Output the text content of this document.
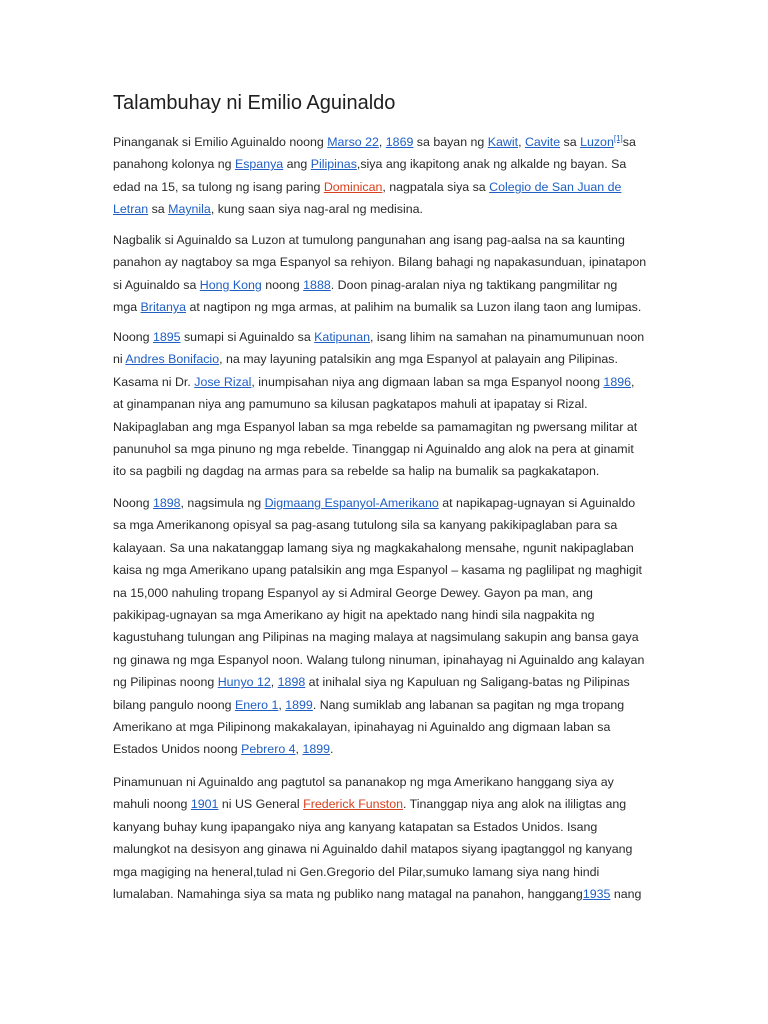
Talambuhay ni Emilio Aguinaldo
Pinanganak si Emilio Aguinaldo noong Marso 22, 1869 sa bayan ng Kawit, Cavite sa Luzon[1]sa
panahong kolonya ng Espanya ang Pilipinas,siya ang ikapitong anak ng alkalde ng bayan. Sa
edad na 15, sa tulong ng isang paring Dominican, nagpatala siya sa Colegio de San Juan de
Letran sa Maynila, kung saan siya nag-aral ng medisina.
Nagbalik si Aguinaldo sa Luzon at tumulong pangunahan ang isang pag-aalsa na sa kaunting
panahon ay nagtaboy sa mga Espanyol sa rehiyon. Bilang bahagi ng napakasunduan, ipinatapon
si Aguinaldo sa Hong Kong noong 1888. Doon pinag-aralan niya ng taktikang pangmilitar ng
mga Britanya at nagtipon ng mga armas, at palihim na bumalik sa Luzon ilang taon ang lumipas.
Noong 1895 sumapi si Aguinaldo sa Katipunan, isang lihim na samahan na pinamumunuan noon
ni Andres Bonifacio, na may layuning patalsikin ang mga Espanyol at palayain ang Pilipinas.
Kasama ni Dr. Jose Rizal, inumpisahan niya ang digmaan laban sa mga Espanyol noong 1896,
at ginampanan niya ang pamumuno sa kilusan pagkatapos mahuli at ipapatay si Rizal.
Nakipaglaban ang mga Espanyol laban sa mga rebelde sa pamamagitan ng pwersang militar at
panunuhol sa mga pinuno ng mga rebelde. Tinanggap ni Aguinaldo ang alok na pera at ginamit
ito sa pagbili ng dagdag na armas para sa rebelde sa halip na bumalik sa pagkakatapon.
Noong 1898, nagsimula ng Digmaang Espanyol-Amerikano at napikapag-ugnayan si Aguinaldo
sa mga Amerikanong opisyal sa pag-asang tutulong sila sa kanyang pakikipaglaban para sa
kalayaan. Sa una nakatanggap lamang siya ng magkakahalong mensahe, ngunit nakipaglaban
kaisa ng mga Amerikano upang patalsikin ang mga Espanyol – kasama ng paglilipat ng maghigit
na 15,000 nahuling tropang Espanyol ay si Admiral George Dewey. Gayon pa man, ang
pakikipag-ugnayan sa mga Amerikano ay higit na apektado nang hindi sila nagpakita ng
kagustuhang tulungan ang Pilipinas na maging malaya at nagsimulang sakupin ang bansa gaya
ng ginawa ng mga Espanyol noon. Walang tulong ninuman, ipinahayag ni Aguinaldo ang kalayan
ng Pilipinas noong Hunyo 12, 1898 at inihalal siya ng Kapuluan ng Saligang-batas ng Pilipinas
bilang pangulo noong Enero 1, 1899. Nang sumiklab ang labanan sa pagitan ng mga tropang
Amerikano at mga Pilipinong makakalayan, ipinahayag ni Aguinaldo ang digmaan laban sa
Estados Unidos noong Pebrero 4, 1899.
Pinamunuan ni Aguinaldo ang pagtutol sa pananakop ng mga Amerikano hanggang siya ay
mahuli noong 1901 ni US General Frederick Funston. Tinanggap niya ang alok na ililigtas ang
kanyang buhay kung ipapangako niya ang kanyang katapatan sa Estados Unidos. Isang
malungkot na desisyon ang ginawa ni Aguinaldo dahil matapos siyang ipagtanggol ng kanyang
mga magiging na heneral,tulad ni Gen.Gregorio del Pilar,sumuko lamang siya nang hindi
lumalaban. Namahinga siya sa mata ng publiko nang matagal na panahon, hanggang1935 nang
